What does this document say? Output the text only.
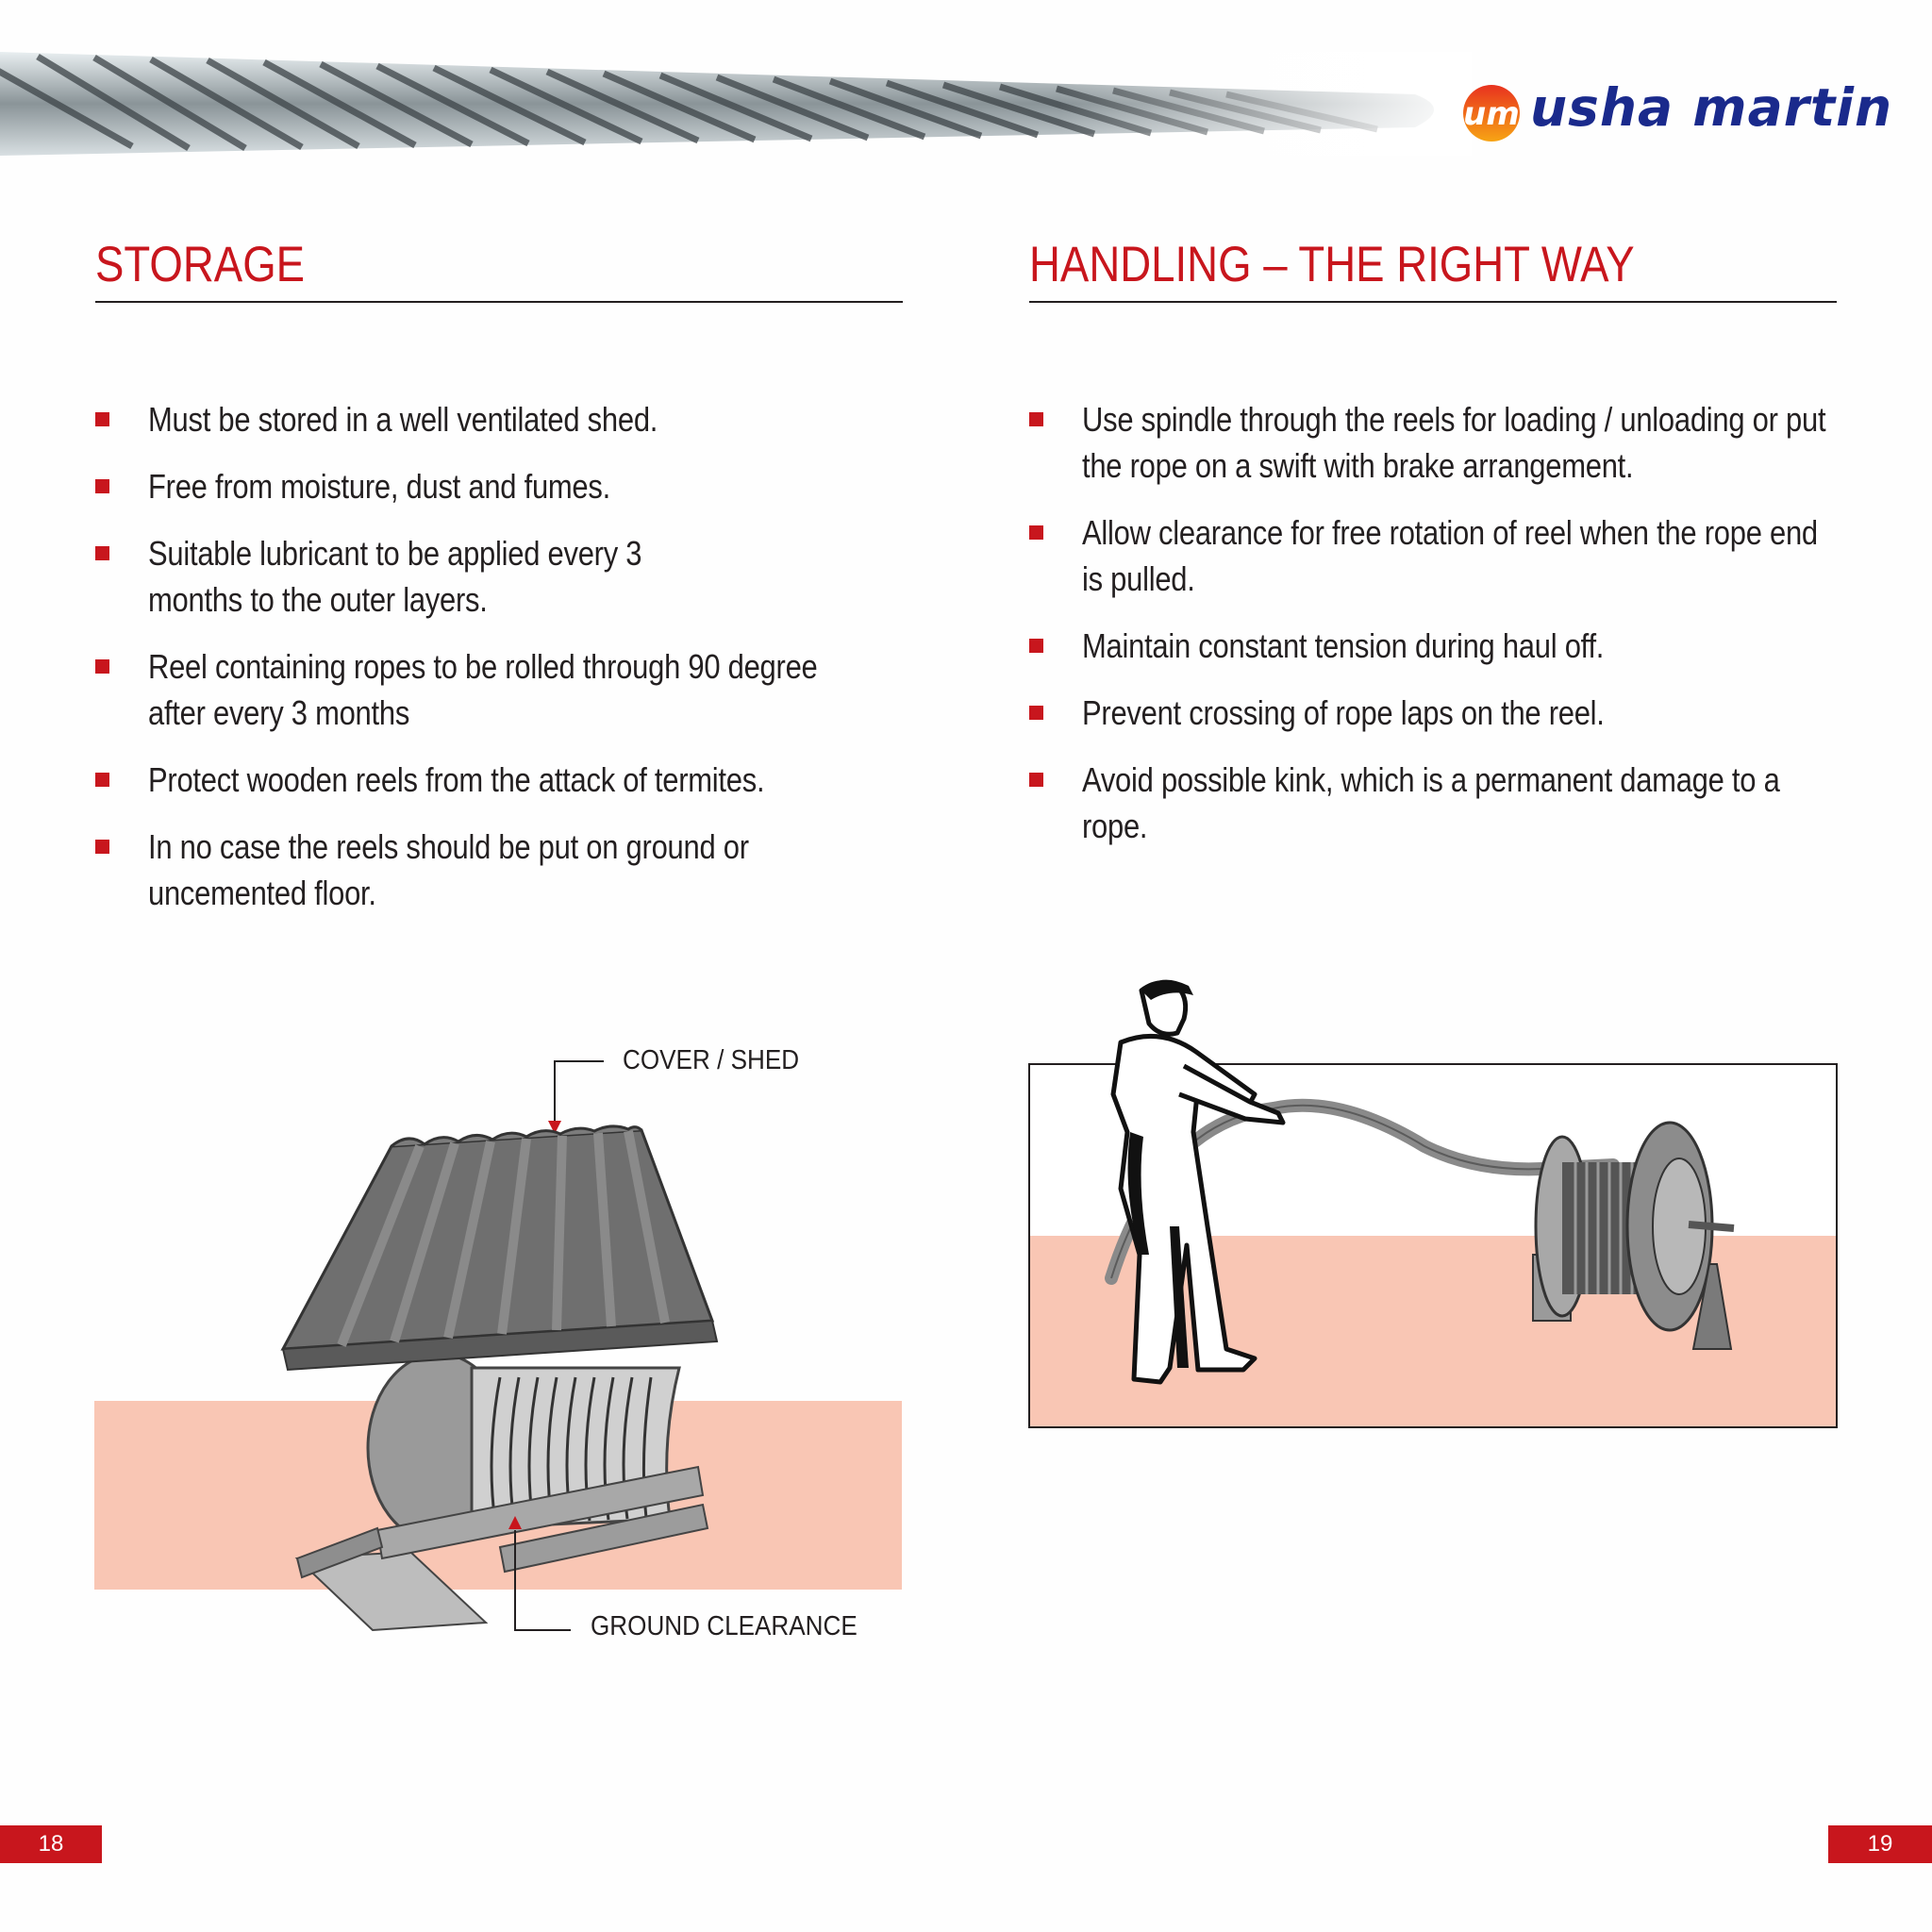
um usha martin
STORAGE
Must be stored in a well ventilated shed.
Free from moisture, dust and fumes.
Suitable lubricant to be applied every 3 months to the outer layers.
Reel containing ropes to be rolled through 90 degree after every 3 months
Protect wooden reels from the attack of termites.
In no case the reels should be put on ground or uncemented floor.
HANDLING – THE RIGHT WAY
Use spindle through the reels for loading / unloading or put the rope on a swift with brake arrangement.
Allow clearance for free rotation of reel when the rope end is pulled.
Maintain constant tension during haul off.
Prevent crossing of rope laps on the reel.
Avoid possible kink, which is a permanent damage to a rope.
COVER / SHED
GROUND CLEARANCE
18	19
